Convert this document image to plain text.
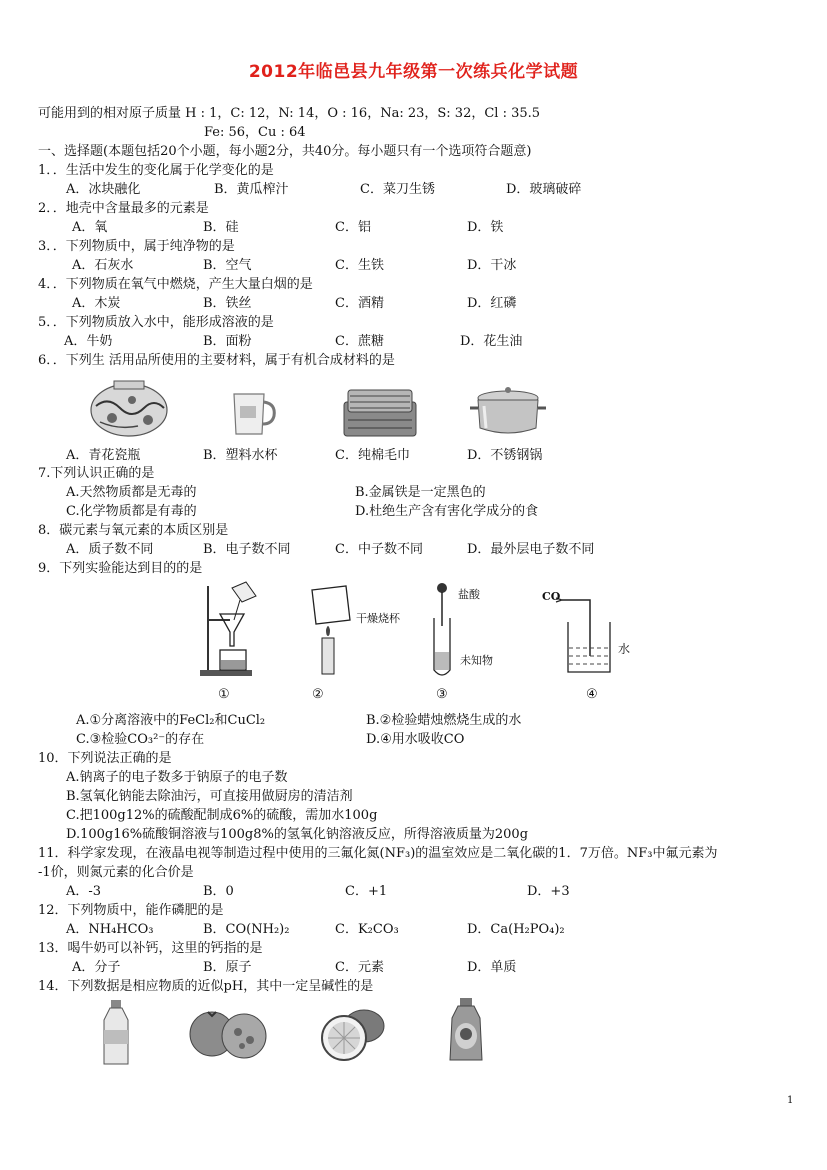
2012年临邑县九年级第一次练兵化学试题
可能用到的相对原子质量 H : 1，C: 12，N: 14，O : 16，Na: 23，S: 32，Cl : 35.5
Fe: 56，Cu : 64
一、选择题(本题包括20个小题，每小题2分，共40分。每小题只有一个选项符合题意)
1．．生活中发生的变化属于化学变化的是
A．冰块融化	B．黄瓜榨汁	C．菜刀生锈	D．玻璃破碎
2．．地壳中含量最多的元素是
A．氧	B．硅	C．铝	D．铁
3．．下列物质中，属于纯净物的是
A．石灰水	B．空气	C．生铁	D．干冰
4．．下列物质在氧气中燃烧，产生大量白烟的是
A．木炭	B．铁丝	C．酒精	D．红磷
5．．下列物质放入水中，能形成溶液的是
A．牛奶	B．面粉	C．蔗糖	D．花生油
6．．下列生 活用品所使用的主要材料，属于有机合成材料的是
A．青花瓷瓶	B．塑料水杯	C．纯棉毛巾	D．不锈钢锅
7.下列认识正确的是
A.天然物质都是无毒的	B.金属铁是一定黑色的
C.化学物质都是有毒的	D.杜绝生产含有害化学成分的食
8．碳元素与氧元素的本质区别是
A．质子数不同	B．电子数不同	C．中子数不同	D．最外层电子数不同
9．下列实验能达到目的的是
①
干燥烧杯
②
盐酸
未知物
③
CO
水
④
A.①分离溶液中的FeCl₂和CuCl₂	B.②检验蜡烛燃烧生成的水
C.③检验CO₃²⁻的存在	D.④用水吸收CO
10．下列说法正确的是
A.钠离子的电子数多于钠原子的电子数
B.氢氧化钠能去除油污，可直接用做厨房的清洁剂
C.把100g12%的硫酸配制成6%的硫酸，需加水100g
D.100g16%硫酸铜溶液与100g8%的氢氧化钠溶液反应，所得溶液质量为200g
11．科学家发现，在液晶电视等制造过程中使用的三氟化氮(NF₃)的温室效应是二氧化碳的1．7万倍。NF₃中氟元素为
-1价，则氮元素的化合价是
A．-3	B．0	C．+1	D．+3
12．下列物质中，能作磷肥的是
A．NH₄HCO₃	B．CO(NH₂)₂	C．K₂CO₃	D．Ca(H₂PO₄)₂
13．喝牛奶可以补钙，这里的钙指的是
A．分子	B．原子	C．元素	D．单质
14．下列数据是相应物质的近似pH，其中一定呈碱性的是
1
